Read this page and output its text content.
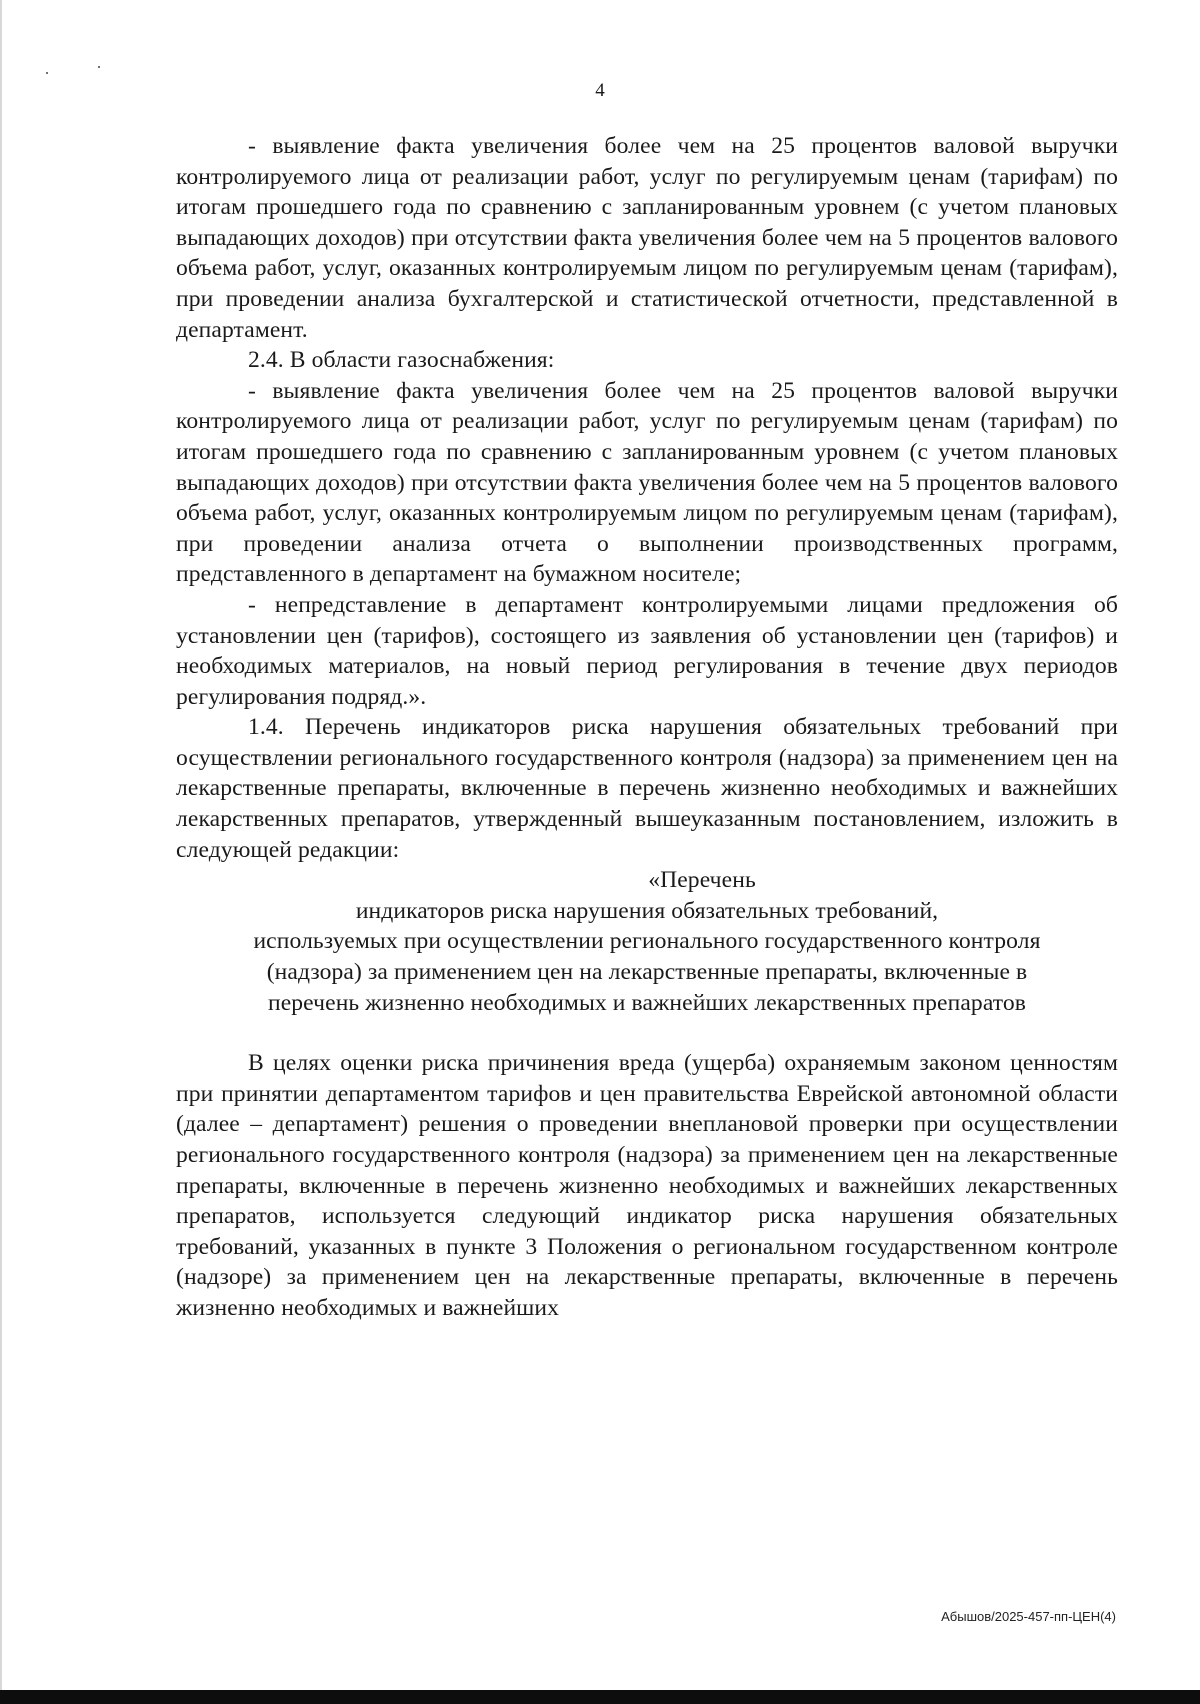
4

- выявление факта увеличения более чем на 25 процентов валовой выручки контролируемого лица от реализации работ, услуг по регулируемым ценам (тарифам) по итогам прошедшего года по сравнению с запланированным уровнем (с учетом плановых выпадающих доходов) при отсутствии факта увеличения более чем на 5 процентов валового объема работ, услуг, оказанных контролируемым лицом по регулируемым ценам (тарифам), при проведении анализа бухгалтерской и статистической отчетности, представленной в департамент.

2.4. В области газоснабжения:

- выявление факта увеличения более чем на 25 процентов валовой выручки контролируемого лица от реализации работ, услуг по регулируемым ценам (тарифам) по итогам прошедшего года по сравнению с запланированным уровнем (с учетом плановых выпадающих доходов) при отсутствии факта увеличения более чем на 5 процентов валового объема работ, услуг, оказанных контролируемым лицом по регулируемым ценам (тарифам), при проведении анализа отчета о выполнении производственных программ, представленного в департамент на бумажном носителе;

- непредставление в департамент контролируемыми лицами предложения об установлении цен (тарифов), состоящего из заявления об установлении цен (тарифов) и необходимых материалов, на новый период регулирования в течение двух периодов регулирования подряд.».

1.4. Перечень индикаторов риска нарушения обязательных требований при осуществлении регионального государственного контроля (надзора) за применением цен на лекарственные препараты, включенные в перечень жизненно необходимых и важнейших лекарственных препаратов, утвержденный вышеуказанным постановлением, изложить в следующей редакции:

«Перечень
индикаторов риска нарушения обязательных требований,
используемых при осуществлении регионального государственного контроля
(надзора) за применением цен на лекарственные препараты, включенные в
перечень жизненно необходимых и важнейших лекарственных препаратов

В целях оценки риска причинения вреда (ущерба) охраняемым законом ценностям при принятии департаментом тарифов и цен правительства Еврейской автономной области (далее – департамент) решения о проведении внеплановой проверки при осуществлении регионального государственного контроля (надзора) за применением цен на лекарственные препараты, включенные в перечень жизненно необходимых и важнейших лекарственных препаратов, используется следующий индикатор риска нарушения обязательных требований, указанных в пункте 3 Положения о региональном государственном контроле (надзоре) за применением цен на лекарственные препараты, включенные в перечень жизненно необходимых и важнейших

Абышов/2025-457-пп-ЦЕН(4)
